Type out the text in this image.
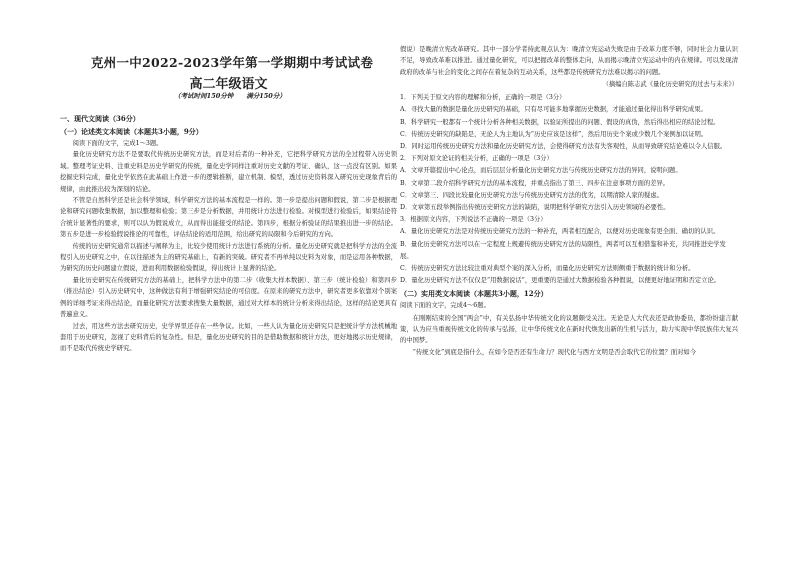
克州一中2022-2023学年第一学期期中考试试卷
高二年级语文
（考试时间150分钟　　满分150分）
一、现代文阅读（36分）
（一）论述类文本阅读（本题共3小题，9分）
阅读下面的文字，完成1～3题。
量化历史研究方法不是要取代传统历史研究方法，而是对后者的一种补充，它把科学研究方法的全过程带入历史领域。整理考证史料、注重史料是历史学研究的传统，量化史学同样注重对历史文献的考证、确认，这一点没有区别。如果挖掘史料完成，量化史学依然在此基础上作进一步的逻辑推断，建立机制、模型，透过历史资料深入研究历史现象背后的规律，由此推出较为深刻的结论。
不管是自然科学还是社会科学领域，科学研究方法的基本流程是一样的。第一步是提出问题和假说，第二步是根据理论和研究问题收集数据，加以整理和检验；第三步是分析数据，并用统计方法进行检验。对模型进行检验后，如果结论符合统计显著性的要求，则可以认为假说成立，从而得出能接受的结论。第四步，根据分析验证的结果推出进一步的结论。第五步是进一步检验假说推论的可靠性，评估结论的适用范围，给出研究的局限和今后研究的方向。
传统的历史研究通常以描述与阐释为主，比较少使用统计方法进行系统的分析。量化历史研究就是把科学方法的全流程引入历史研究之中，在以往描述为主的研究基础上，有新的突破。研究者不再单纯以史料为对象，而是运用各种数据，为研究的历史问题建立假说，进而利用数据检验假说，得出统计上显著的结论。
量化历史研究在传统研究方法的基础上，把科学方法中的第二步（收集大样本数据）、第三步（统计检验）和第四步（推出结论）引入历史研究中，这种做法有利于增强研究结论的可信度。在原来的研究方法中，研究者更多依靠对个别案例的详细考证来得出结论，而量化研究方法要求搜集大量数据，通过对大样本的统计分析来得出结论，这样的结论更具有普遍意义。
过去，用这些方法去研究历史，史学界里还存在一些争议。比如，一些人认为量化历史研究只是把统计学方法机械地套用于历史研究，忽视了史料背后的复杂性。但是，量化历史研究的目的是借助数据和统计方法，更好地揭示历史规律，而不是取代传统史学研究。
假说）是晚清立宪改革研究。其中一部分学者持此观点认为：晚清立宪运动失败是由于改革力度不够，同时社会力量认识不足，导致改革难以推进。通过量化研究，可以把握改革的整体走向，从而揭示晚清立宪运动中的内在规律。可以发现清政府的改革与社会的变化之间存在着复杂的互动关系，这些都是传统研究方法难以揭示的问题。
（摘编自陈志武《量化历史研究的过去与未来》）
1．下列关于原文内容的理解和分析，正确的一项是（3分）
A．寻找大量的数据是量化历史研究的基础，只有尽可能多地掌握历史数据，才能通过量化得出科学研究成果。
B．科学研究一般都有一个统计分析各种相关数据，以验证所提出的问题、假设的真伪，然后得出相应的结论过程。
C．传统历史研究的缺陷是，无论人为主地认为“历史应该是这样”，然后用历史个案或少数几个案例加以证明。
D．同时运用传统历史研究方法和量化历史研究方法，会使得研究方法有失客观性，从而导致研究结论难以令人信服。
2．下列对原文论证的相关分析，正确的一项是（3分）
A．文章开篇提出中心论点，而后层层分析量化历史研究方法与传统历史研究方法的异同，说明问题。
B．文章第二段介绍科学研究方法的基本流程，并重点指出了第三、四步在注意事项方面的差异。
C．文章第三、四段比较量化历史研究方法与传统历史研究方法的优劣，以期清除人家的疑虑。
D．文章第五段举例指出传统历史研究方法的缺陷，说明把科学研究方法引入历史领域的必要性。
3．根据原文内容，下列说法不正确的一项是（3分）
A．量化历史研究方法是对传统历史研究方法的一种补充，两者相互配合，以便对历史现象有更全面、确切的认识。
B．量化历史研究方法可以在一定程度上规避传统历史研究方法的局限性，两者可以互相借鉴和补充，共同推进史学发展。
C．传统历史研究方法比较注重对典型个案的深入分析，而量化历史研究方法则侧重于数据的统计和分析。
D．量化历史研究方法不仅仅是“用数据说话”，更重要的是通过大数据检验各种假说，以便更好地证明和否定立论。
（二）实用类文本阅读（本题共3小题，12分）
阅读下面的文字，完成4～6题。
在刚刚结束的全国“两会”中，有关弘扬中华传统文化的议题颇受关注。无论是人大代表还是政协委员，都纷纷建言献策，认为应当重视传统文化的传承与弘扬，让中华传统文化在新时代焕发出新的生机与活力，助力实现中华民族伟大复兴的中国梦。
“传统文化”到底是指什么，在如今是否还有生命力？现代化与西方文明是否会取代它的位置？面对如今
